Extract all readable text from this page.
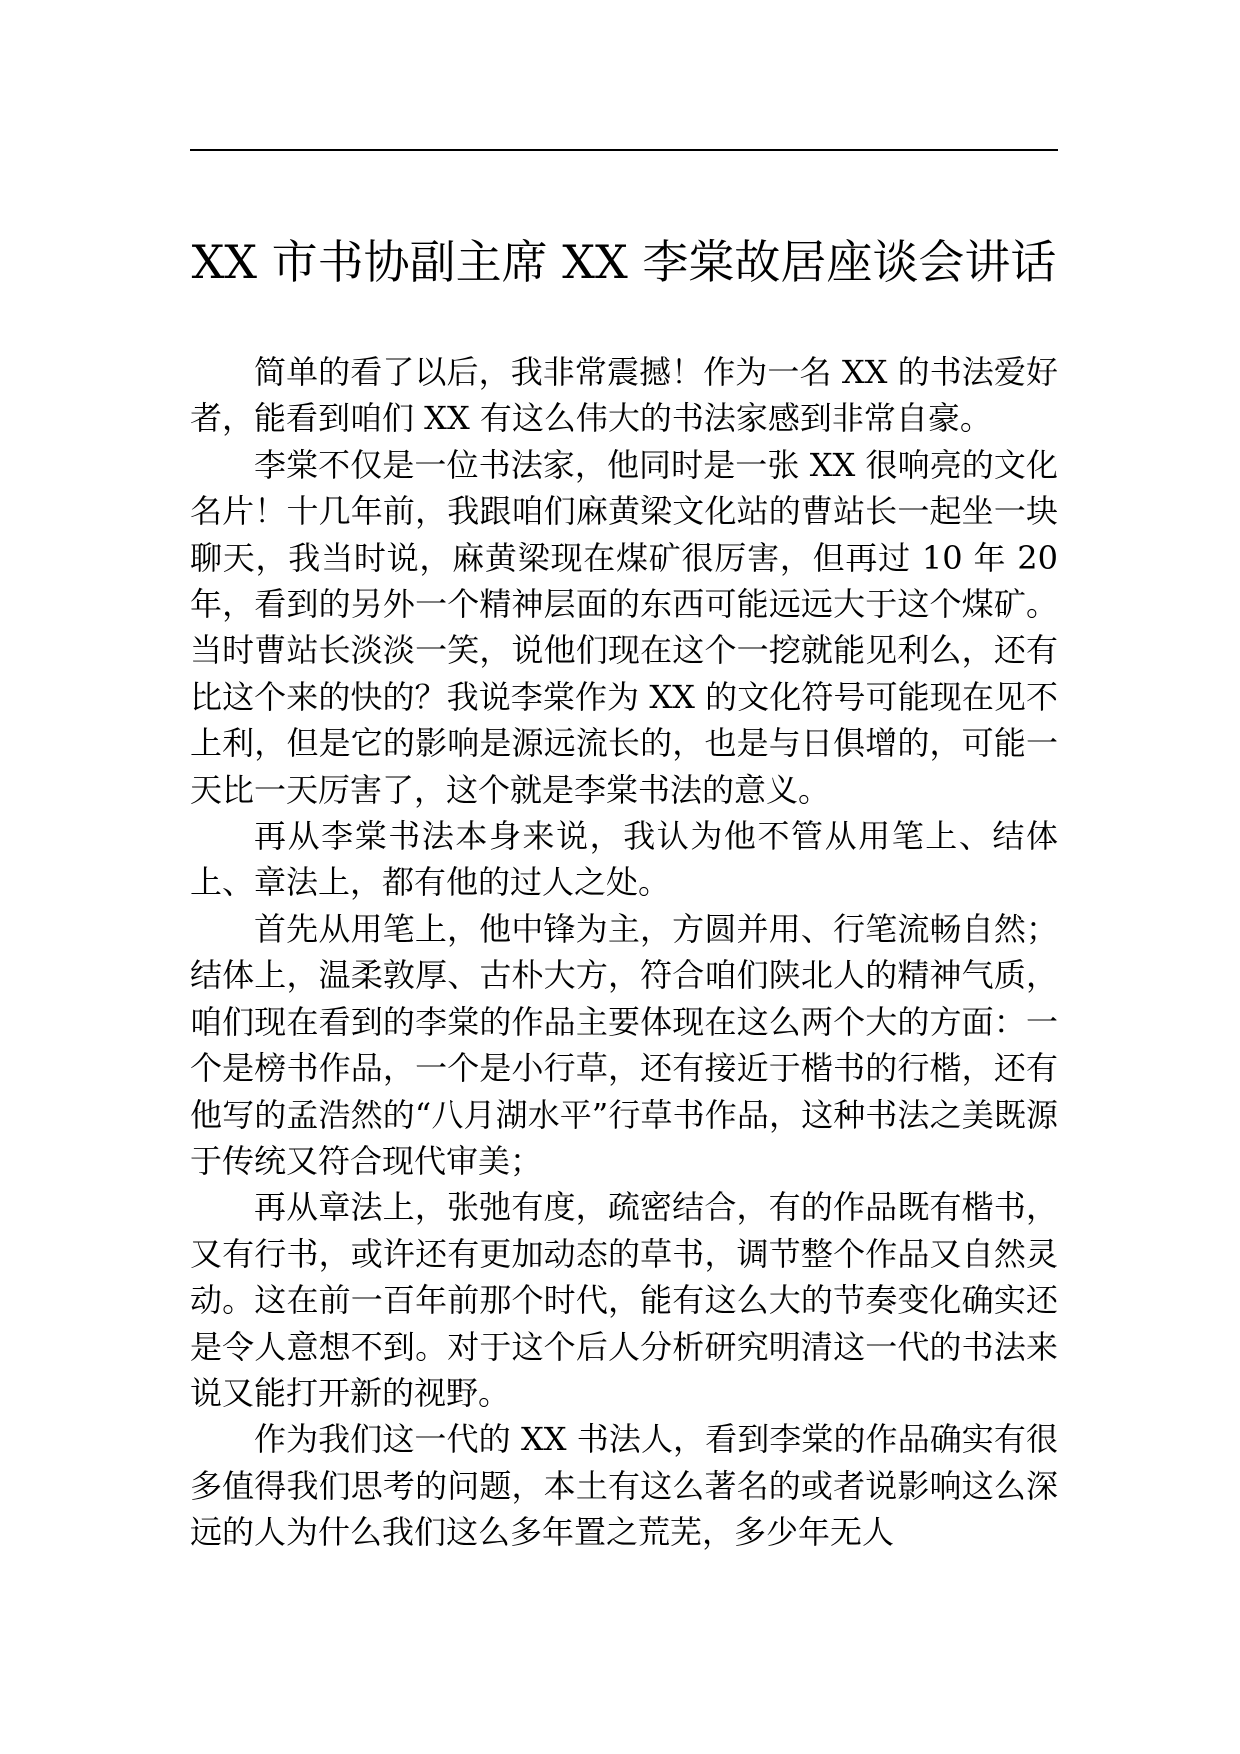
XX 市书协副主席 XX 李棠故居座谈会讲话

简单的看了以后，我非常震撼！作为一名 XX 的书法爱好者，能看到咱们 XX 有这么伟大的书法家感到非常自豪。

李棠不仅是一位书法家，他同时是一张 XX 很响亮的文化名片！十几年前，我跟咱们麻黄梁文化站的曹站长一起坐一块聊天，我当时说，麻黄梁现在煤矿很厉害，但再过 10 年 20 年，看到的另外一个精神层面的东西可能远远大于这个煤矿。当时曹站长淡淡一笑，说他们现在这个一挖就能见利么，还有比这个来的快的？我说李棠作为 XX 的文化符号可能现在见不上利，但是它的影响是源远流长的，也是与日俱增的，可能一天比一天厉害了，这个就是李棠书法的意义。

再从李棠书法本身来说，我认为他不管从用笔上、结体上、章法上，都有他的过人之处。

首先从用笔上，他中锋为主，方圆并用、行笔流畅自然；结体上，温柔敦厚、古朴大方，符合咱们陕北人的精神气质，咱们现在看到的李棠的作品主要体现在这么两个大的方面：一个是榜书作品，一个是小行草，还有接近于楷书的行楷，还有他写的孟浩然的“八月湖水平”行草书作品，这种书法之美既源于传统又符合现代审美；

再从章法上，张弛有度，疏密结合，有的作品既有楷书，又有行书，或许还有更加动态的草书，调节整个作品又自然灵动。这在前一百年前那个时代，能有这么大的节奏变化确实还是令人意想不到。对于这个后人分析研究明清这一代的书法来说又能打开新的视野。

作为我们这一代的 XX 书法人，看到李棠的作品确实有很多值得我们思考的问题，本土有这么著名的或者说影响这么深远的人为什么我们这么多年置之荒芜，多少年无人
